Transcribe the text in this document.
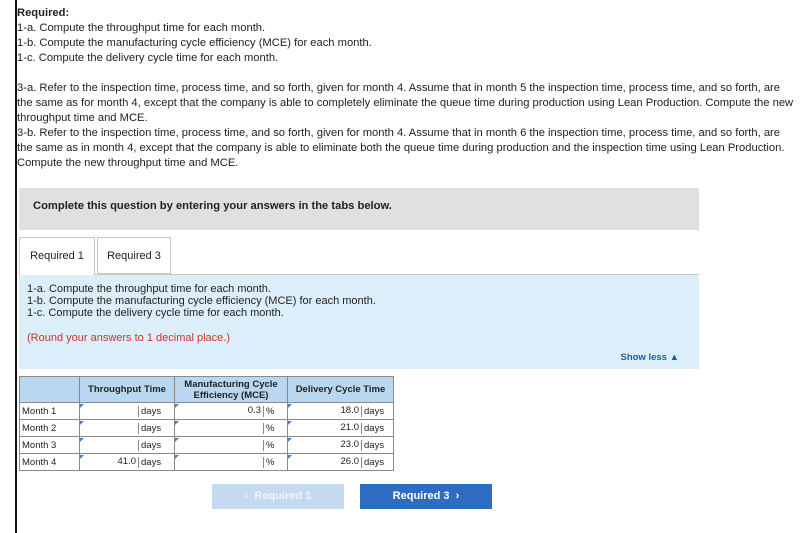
Required:

1-a. Compute the throughput time for each month.

1-b. Compute the manufacturing cycle efficiency (MCE) for each month.

1-c. Compute the delivery cycle time for each month.

3-a. Refer to the inspection time, process time, and so forth, given for month 4. Assume that in month 5 the inspection time, process time, and so forth, are the same as for month 4, except that the company is able to completely eliminate the queue time during production using Lean Production. Compute the new throughput time and MCE.

3-b. Refer to the inspection time, process time, and so forth, given for month 4. Assume that in month 6 the inspection time, process time, and so forth, are the same as in month 4, except that the company is able to eliminate both the queue time during production and the inspection time using Lean Production. Compute the new throughput time and MCE.

Complete this question by entering your answers in the tabs below.
Required 1	Required 3
1-a. Compute the throughput time for each month.
1-b. Compute the manufacturing cycle efficiency (MCE) for each month.
1-c. Compute the delivery cycle time for each month.
(Round your answers to 1 decimal place.)
Show less ▲
	Throughput Time	Manufacturing Cycle Efficiency (MCE)	Delivery Cycle Time
Month 1	days	0.3 %	18.0 days
Month 2	days	%	21.0 days
Month 3	days	%	23.0 days
Month 4	41.0 days	%	26.0 days
‹ Required 1	Required 3 ›
